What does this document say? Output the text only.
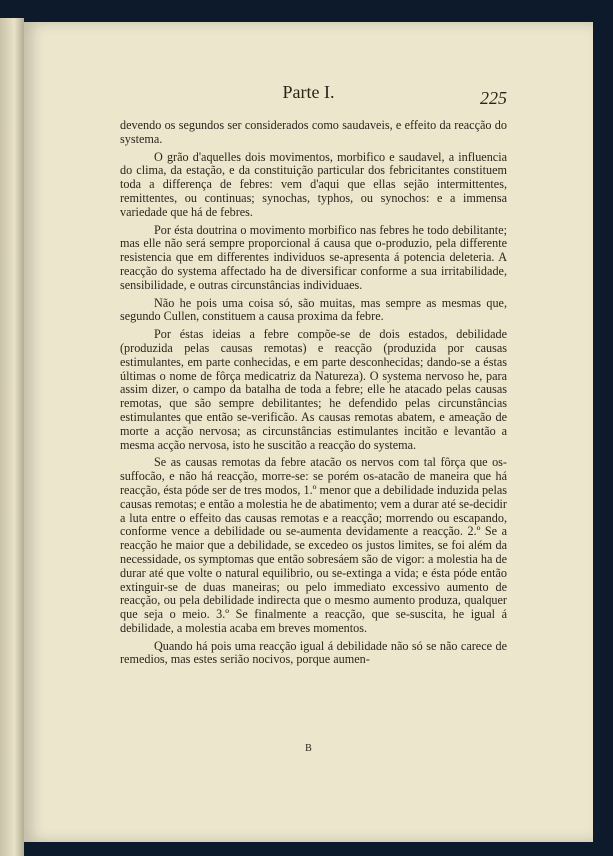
Parte I.	225

devendo os segundos ser considerados como saudaveis, e effeito da reacção do systema.

O grão d'aquelles dois movimentos, morbifico e saudavel, a influencia do clima, da estação, e da constituição particular dos febricitantes constituem toda a differença de febres: vem d'aqui que ellas sejão intermittentes, remittentes, ou continuas; synochas, typhos, ou synochos: e a immensa variedade que há de febres.

Por ésta doutrina o movimento morbifico nas febres he todo debilitante; mas elle não será sempre proporcional á causa que o-produzio, pela differente resistencia que em differentes individuos se-apresenta á potencia deleteria. A reacção do systema affectado ha de diversificar conforme a sua irritabilidade, sensibilidade, e outras circunstâncias individuaes.

Não he pois uma coisa só, são muitas, mas sempre as mesmas que, segundo Cullen, constituem a causa proxima da febre.

Por éstas ideias a febre compõe-se de dois estados, debilidade (produzida pelas causas remotas) e reacção (produzida por causas estimulantes, em parte conhecidas, e em parte desconhecidas; dando-se a éstas últimas o nome de fôrça medicatriz da Natureza). O systema nervoso he, para assim dizer, o campo da batalha de toda a febre; elle he atacado pelas causas remotas, que são sempre debilitantes; he defendido pelas circunstâncias estimulantes que então se-verificão. As causas remotas abatem, e ameação de morte a acção nervosa; as circunstâncias estimulantes incitão e levantão a mesma acção nervosa, isto he suscitão a reacção do systema.

Se as causas remotas da febre atacão os nervos com tal fôrça que os-suffocão, e não há reacção, morre-se: se porém os-atacão de maneira que há reacção, ésta póde ser de tres modos, 1.º menor que a debilidade induzida pelas causas remotas; e então a molestia he de abatimento; vem a durar até se-decidir a luta entre o effeito das causas remotas e a reacção; morrendo ou escapando, conforme vence a debilidade ou se-aumenta devidamente a reacção. 2.º Se a reacção he maior que a debilidade, se excedeo os justos limites, se foi além da necessidade, os symptomas que então sobresáem são de vigor: a molestia ha de durar até que volte o natural equilibrio, ou se-extinga a vida; e ésta póde então extinguir-se de duas maneiras; ou pelo immediato excessivo aumento de reacção, ou pela debilidade indirecta que o mesmo aumento produza, qualquer que seja o meio. 3.º Se finalmente a reacção, que se-suscita, he igual á debilidade, a molestia acaba em breves momentos.

Quando há pois uma reacção igual á debilidade não só se não carece de remedios, mas estes serião nocivos, porque aumen-

B
